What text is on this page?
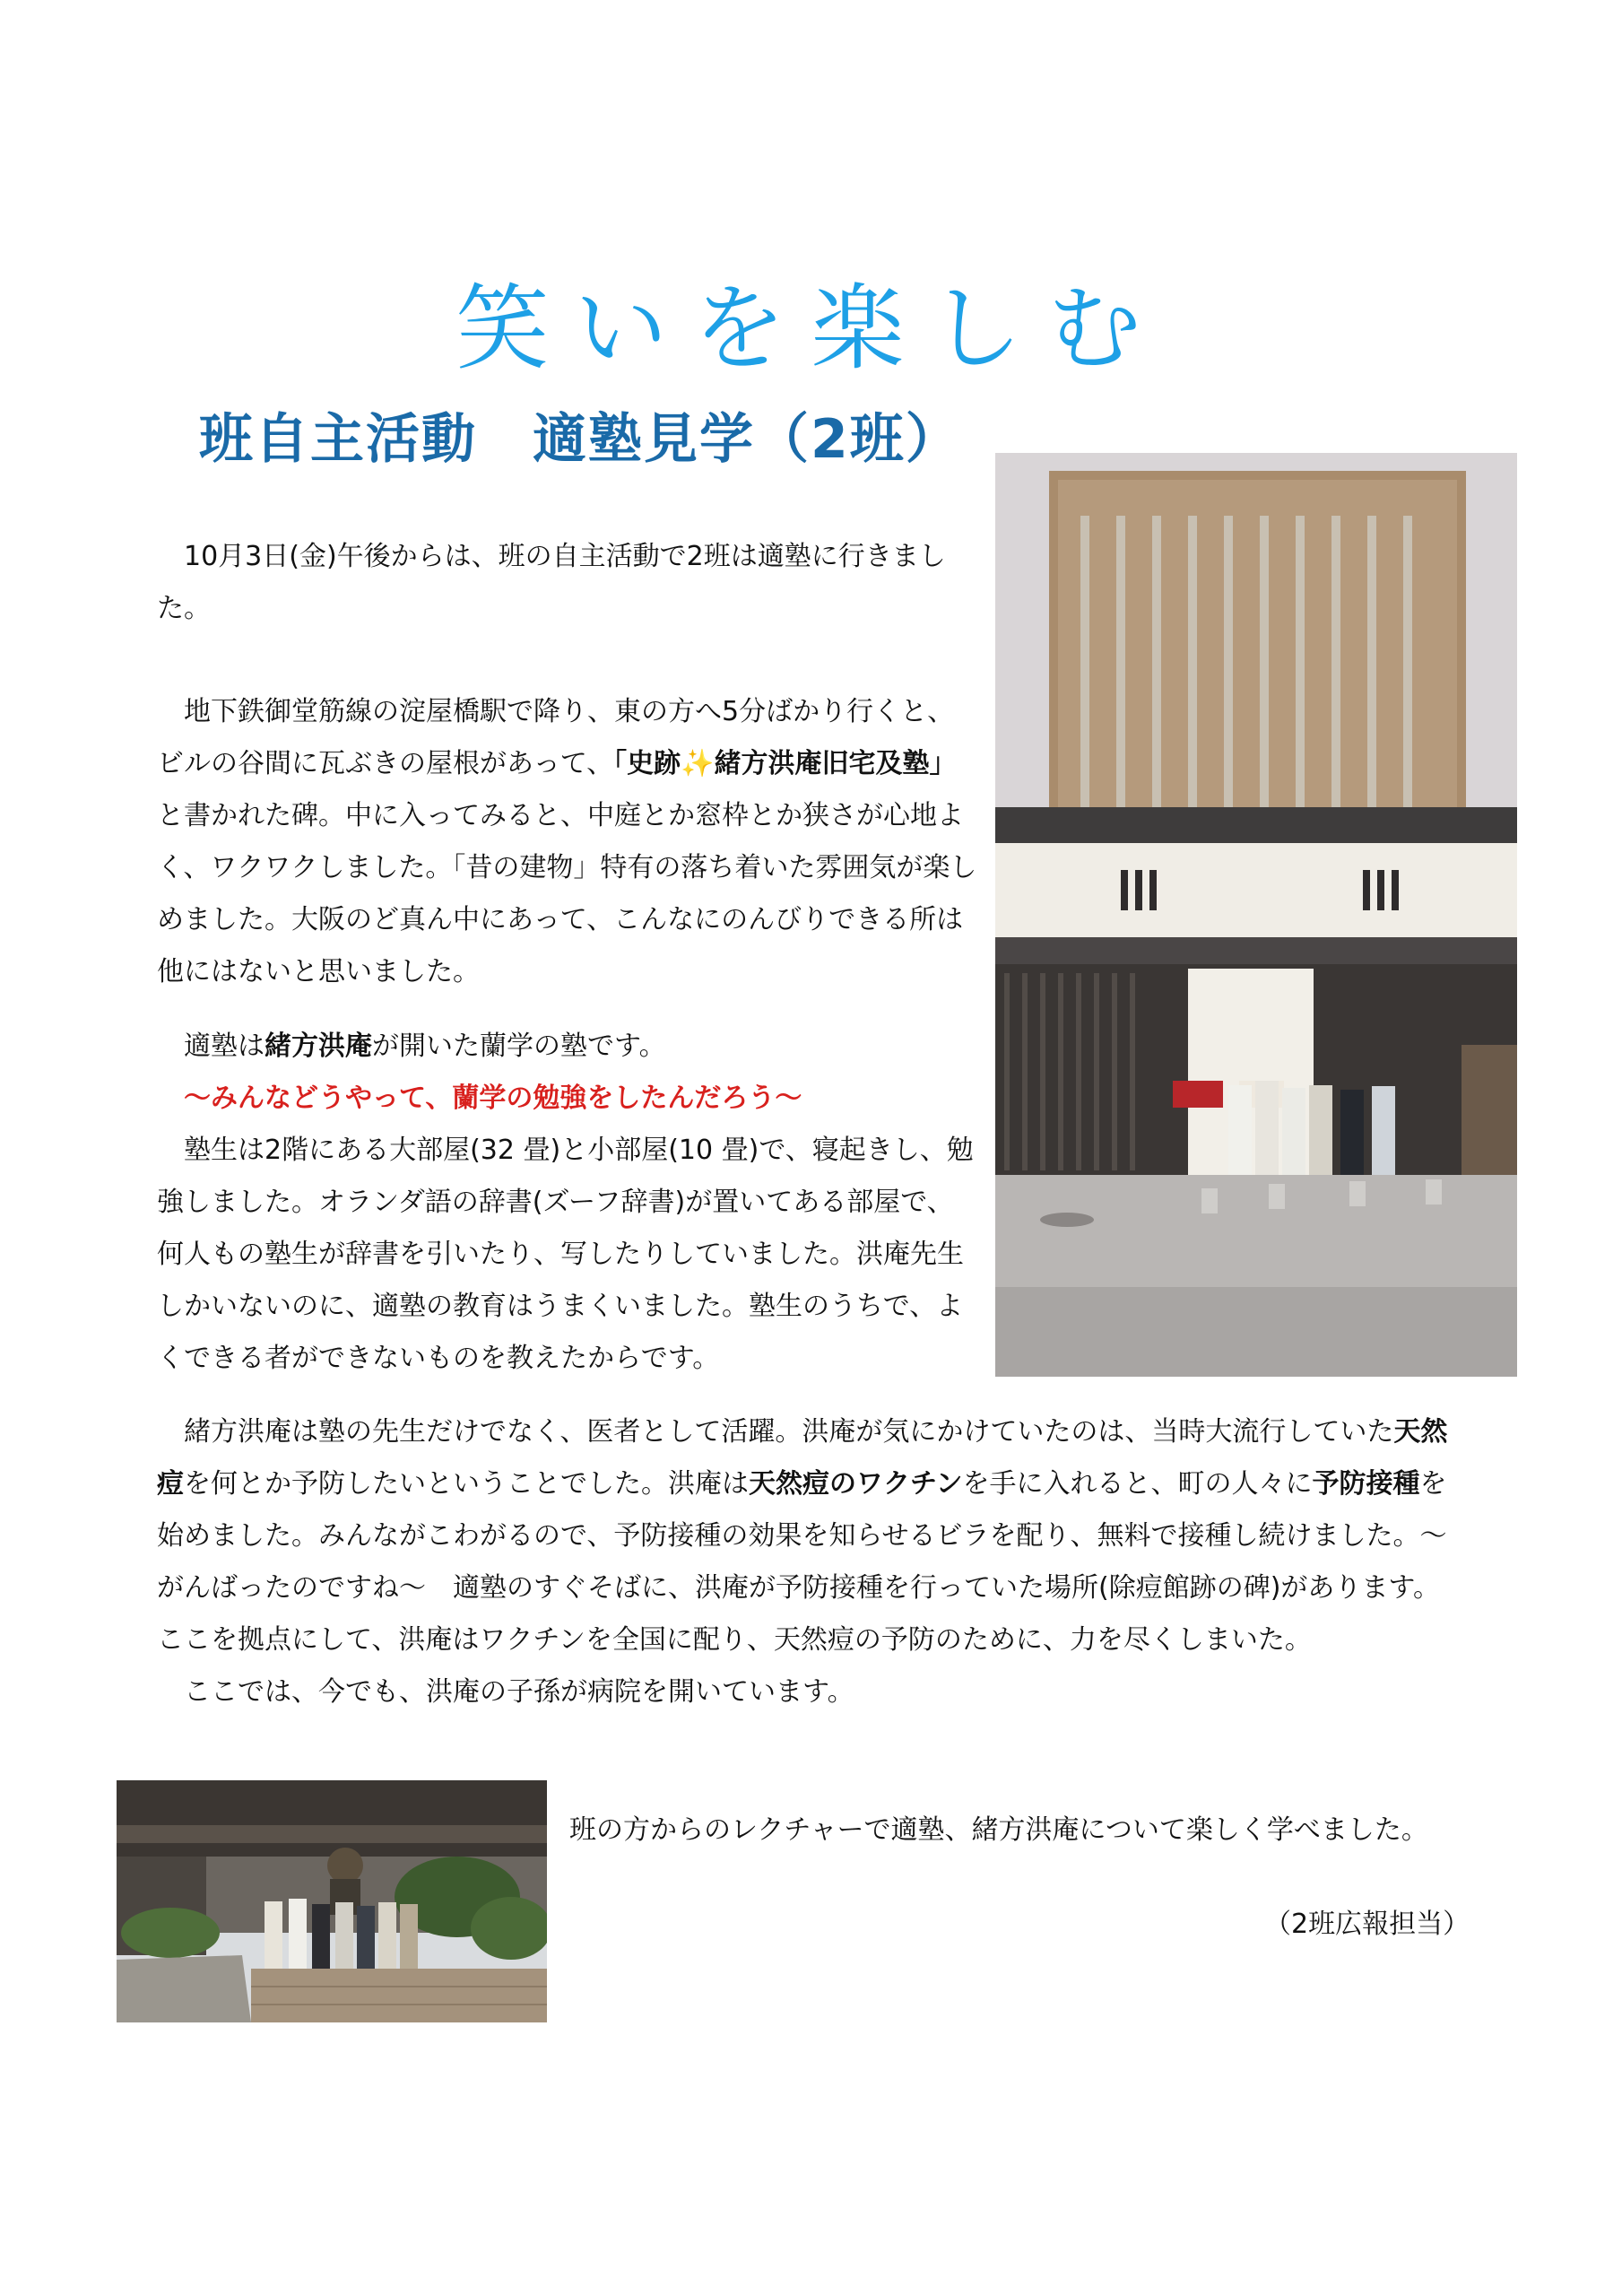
笑いを楽しむ
班自主活動　適塾見学（2班）

10月3日(金)午後からは、班の自主活動で2班は適塾に行きました。

地下鉄御堂筋線の淀屋橋駅で降り、東の方へ5分ばかり行くと、ビルの谷間に瓦ぶきの屋根があって、「史跡✨緒方洪庵旧宅及塾」と書かれた碑。中に入ってみると、中庭とか窓枠とか狭さが心地よく、ワクワクしました。「昔の建物」特有の落ち着いた雰囲気が楽しめました。大阪のど真ん中にあって、こんなにのんびりできる所は他にはないと思いました。

適塾は緒方洪庵が開いた蘭学の塾です。

〜みんなどうやって、蘭学の勉強をしたんだろう〜

塾生は2階にある大部屋(32 畳)と小部屋(10 畳)で、寝起きし、勉強しました。オランダ語の辞書(ズーフ辞書)が置いてある部屋で、何人もの塾生が辞書を引いたり、写したりしていました。洪庵先生しかいないのに、適塾の教育はうまくいました。塾生のうちで、よくできる者ができないものを教えたからです。

緒方洪庵は塾の先生だけでなく、医者として活躍。洪庵が気にかけていたのは、当時大流行していた天然痘を何とか予防したいということでした。洪庵は天然痘のワクチンを手に入れると、町の人々に予防接種を始めました。みんながこわがるので、予防接種の効果を知らせるビラを配り、無料で接種し続けました。〜がんばったのですね〜　適塾のすぐそばに、洪庵が予防接種を行っていた場所(除痘館跡の碑)があります。ここを拠点にして、洪庵はワクチンを全国に配り、天然痘の予防のために、力を尽くしまいた。

ここでは、今でも、洪庵の子孫が病院を開いています。

班の方からのレクチャーで適塾、緒方洪庵について楽しく学べました。
（2班広報担当）
